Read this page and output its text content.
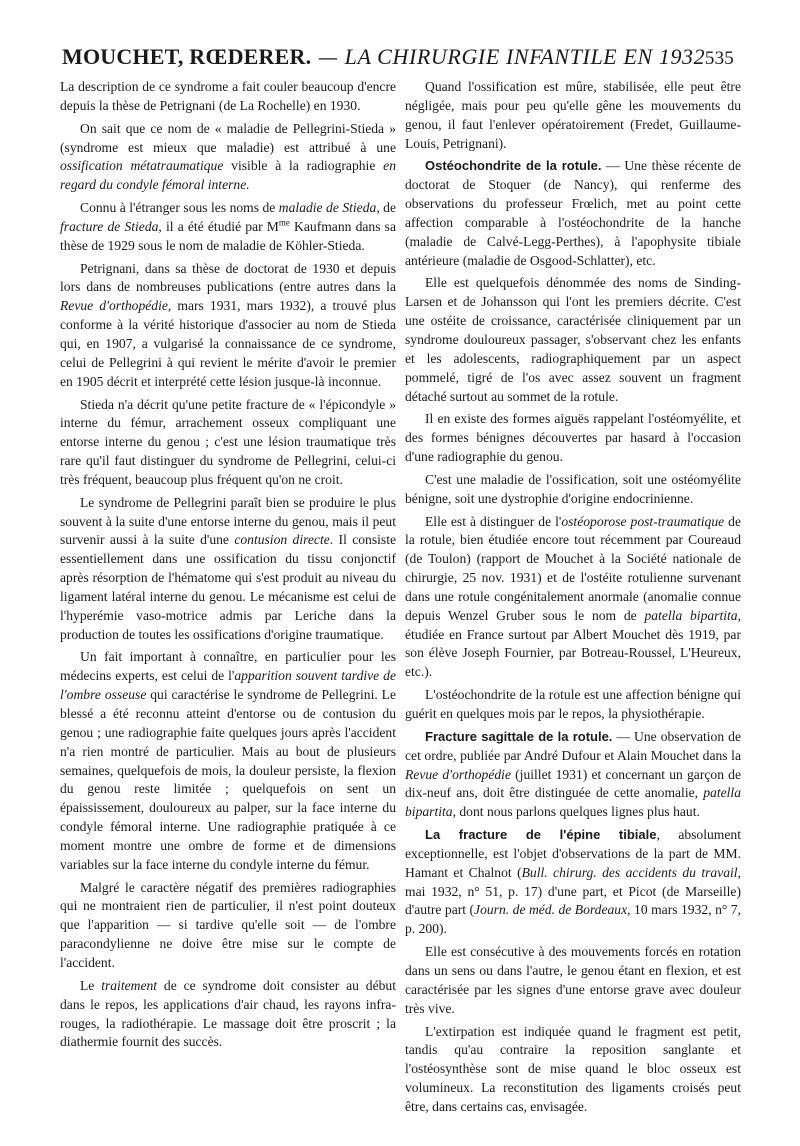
MOUCHET, RŒDERER. — LA CHIRURGIE INFANTILE EN 1932 535

La description de ce syndrome a fait couler beaucoup d'encre depuis la thèse de Petrignani (de La Rochelle) en 1930.

On sait que ce nom de « maladie de Pellegrini-Stieda » (syndrome est mieux que maladie) est attribué à une ossification métatraumatique visible à la radiographie en regard du condyle fémoral interne.

Connu à l'étranger sous les noms de maladie de Stieda, de fracture de Stieda, il a été étudié par $M^{me}$ Kaufmann dans sa thèse de 1929 sous le nom de maladie de Köhler-Stieda.

Petrignani, dans sa thèse de doctorat de 1930 et depuis lors dans de nombreuses publications (entre autres dans la Revue d'orthopédie, mars 1931, mars 1932), a trouvé plus conforme à la vérité historique d'associer au nom de Stieda qui, en 1907, a vulgarisé la connaissance de ce syndrome, celui de Pellegrini à qui revient le mérite d'avoir le premier en 1905 décrit et interprété cette lésion jusque-là inconnue.

Stieda n'a décrit qu'une petite fracture de « l'épicondyle » interne du fémur, arrachement osseux compliquant une entorse interne du genou ; c'est une lésion traumatique très rare qu'il faut distinguer du syndrome de Pellegrini, celui-ci très fréquent, beaucoup plus fréquent qu'on ne croit.

Le syndrome de Pellegrini paraît bien se produire le plus souvent à la suite d'une entorse interne du genou, mais il peut survenir aussi à la suite d'une contusion directe. Il consiste essentiellement dans une ossification du tissu conjonctif après résorption de l'hématome qui s'est produit au niveau du ligament latéral interne du genou. Le mécanisme est celui de l'hyperémie vaso-motrice admis par Leriche dans la production de toutes les ossifications d'origine traumatique.

Un fait important à connaître, en particulier pour les médecins experts, est celui de l'apparition souvent tardive de l'ombre osseuse qui caractérise le syndrome de Pellegrini. Le blessé a été reconnu atteint d'entorse ou de contusion du genou ; une radiographie faite quelques jours après l'accident n'a rien montré de particulier. Mais au bout de plusieurs semaines, quelquefois de mois, la douleur persiste, la flexion du genou reste limitée ; quelquefois on sent un épaississement, douloureux au palper, sur la face interne du condyle fémoral interne. Une radiographie pratiquée à ce moment montre une ombre de forme et de dimensions variables sur la face interne du condyle interne du fémur.

Malgré le caractère négatif des premières radiographies qui ne montraient rien de particulier, il n'est point douteux que l'apparition — si tardive qu'elle soit — de l'ombre paracondylienne ne doive être mise sur le compte de l'accident.

Le traitement de ce syndrome doit consister au début dans le repos, les applications d'air chaud, les rayons infra-rouges, la radiothérapie. Le massage doit être proscrit ; la diathermie fournit des succès.

Quand l'ossification est mûre, stabilisée, elle peut être négligée, mais pour peu qu'elle gêne les mouvements du genou, il faut l'enlever opératoirement (Fredet, Guillaume-Louis, Petrignani).

Ostéochondrite de la rotule. — Une thèse récente de doctorat de Stoquer (de Nancy), qui renferme des observations du professeur Frœlich, met au point cette affection comparable à l'ostéochondrite de la hanche (maladie de Calvé-Legg-Perthes), à l'apophysite tibiale antérieure (maladie de Osgood-Schlatter), etc.

Elle est quelquefois dénommée des noms de Sinding-Larsen et de Johansson qui l'ont les premiers décrite. C'est une ostéite de croissance, caractérisée cliniquement par un syndrome douloureux passager, s'observant chez les enfants et les adolescents, radiographiquement par un aspect pommelé, tigré de l'os avec assez souvent un fragment détaché surtout au sommet de la rotule.

Il en existe des formes aiguës rappelant l'ostéomyélite, et des formes bénignes découvertes par hasard à l'occasion d'une radiographie du genou.

C'est une maladie de l'ossification, soit une ostéomyélite bénigne, soit une dystrophie d'origine endocrinienne.

Elle est à distinguer de l'ostéoporose post-traumatique de la rotule, bien étudiée encore tout récemment par Coureaud (de Toulon) (rapport de Mouchet à la Société nationale de chirurgie, 25 nov. 1931) et de l'ostéite rotulienne survenant dans une rotule congénitalement anormale (anomalie connue depuis Wenzel Gruber sous le nom de patella bipartita, étudiée en France surtout par Albert Mouchet dès 1919, par son élève Joseph Fournier, par Botreau-Roussel, L'Heureux, etc.).

L'ostéochondrite de la rotule est une affection bénigne qui guérit en quelques mois par le repos, la physiothérapie.

Fracture sagittale de la rotule. — Une observation de cet ordre, publiée par André Dufour et Alain Mouchet dans la Revue d'orthopédie (juillet 1931) et concernant un garçon de dix-neuf ans, doit être distinguée de cette anomalie, patella bipartita, dont nous parlons quelques lignes plus haut.

La fracture de l'épine tibiale, absolument exceptionnelle, est l'objet d'observations de la part de MM. Hamant et Chalnot (Bull. chirurg. des accidents du travail, mai 1932, n° 51, p. 17) d'une part, et Picot (de Marseille) d'autre part (Journ. de méd. de Bordeaux, 10 mars 1932, n° 7, p. 200).

Elle est consécutive à des mouvements forcés en rotation dans un sens ou dans l'autre, le genou étant en flexion, et est caractérisée par les signes d'une entorse grave avec douleur très vive.

L'extirpation est indiquée quand le fragment est petit, tandis qu'au contraire la reposition sanglante et l'ostéosynthèse sont de mise quand le bloc osseux est volumineux. La reconstitution des ligaments croisés peut être, dans certains cas, envisagée.
